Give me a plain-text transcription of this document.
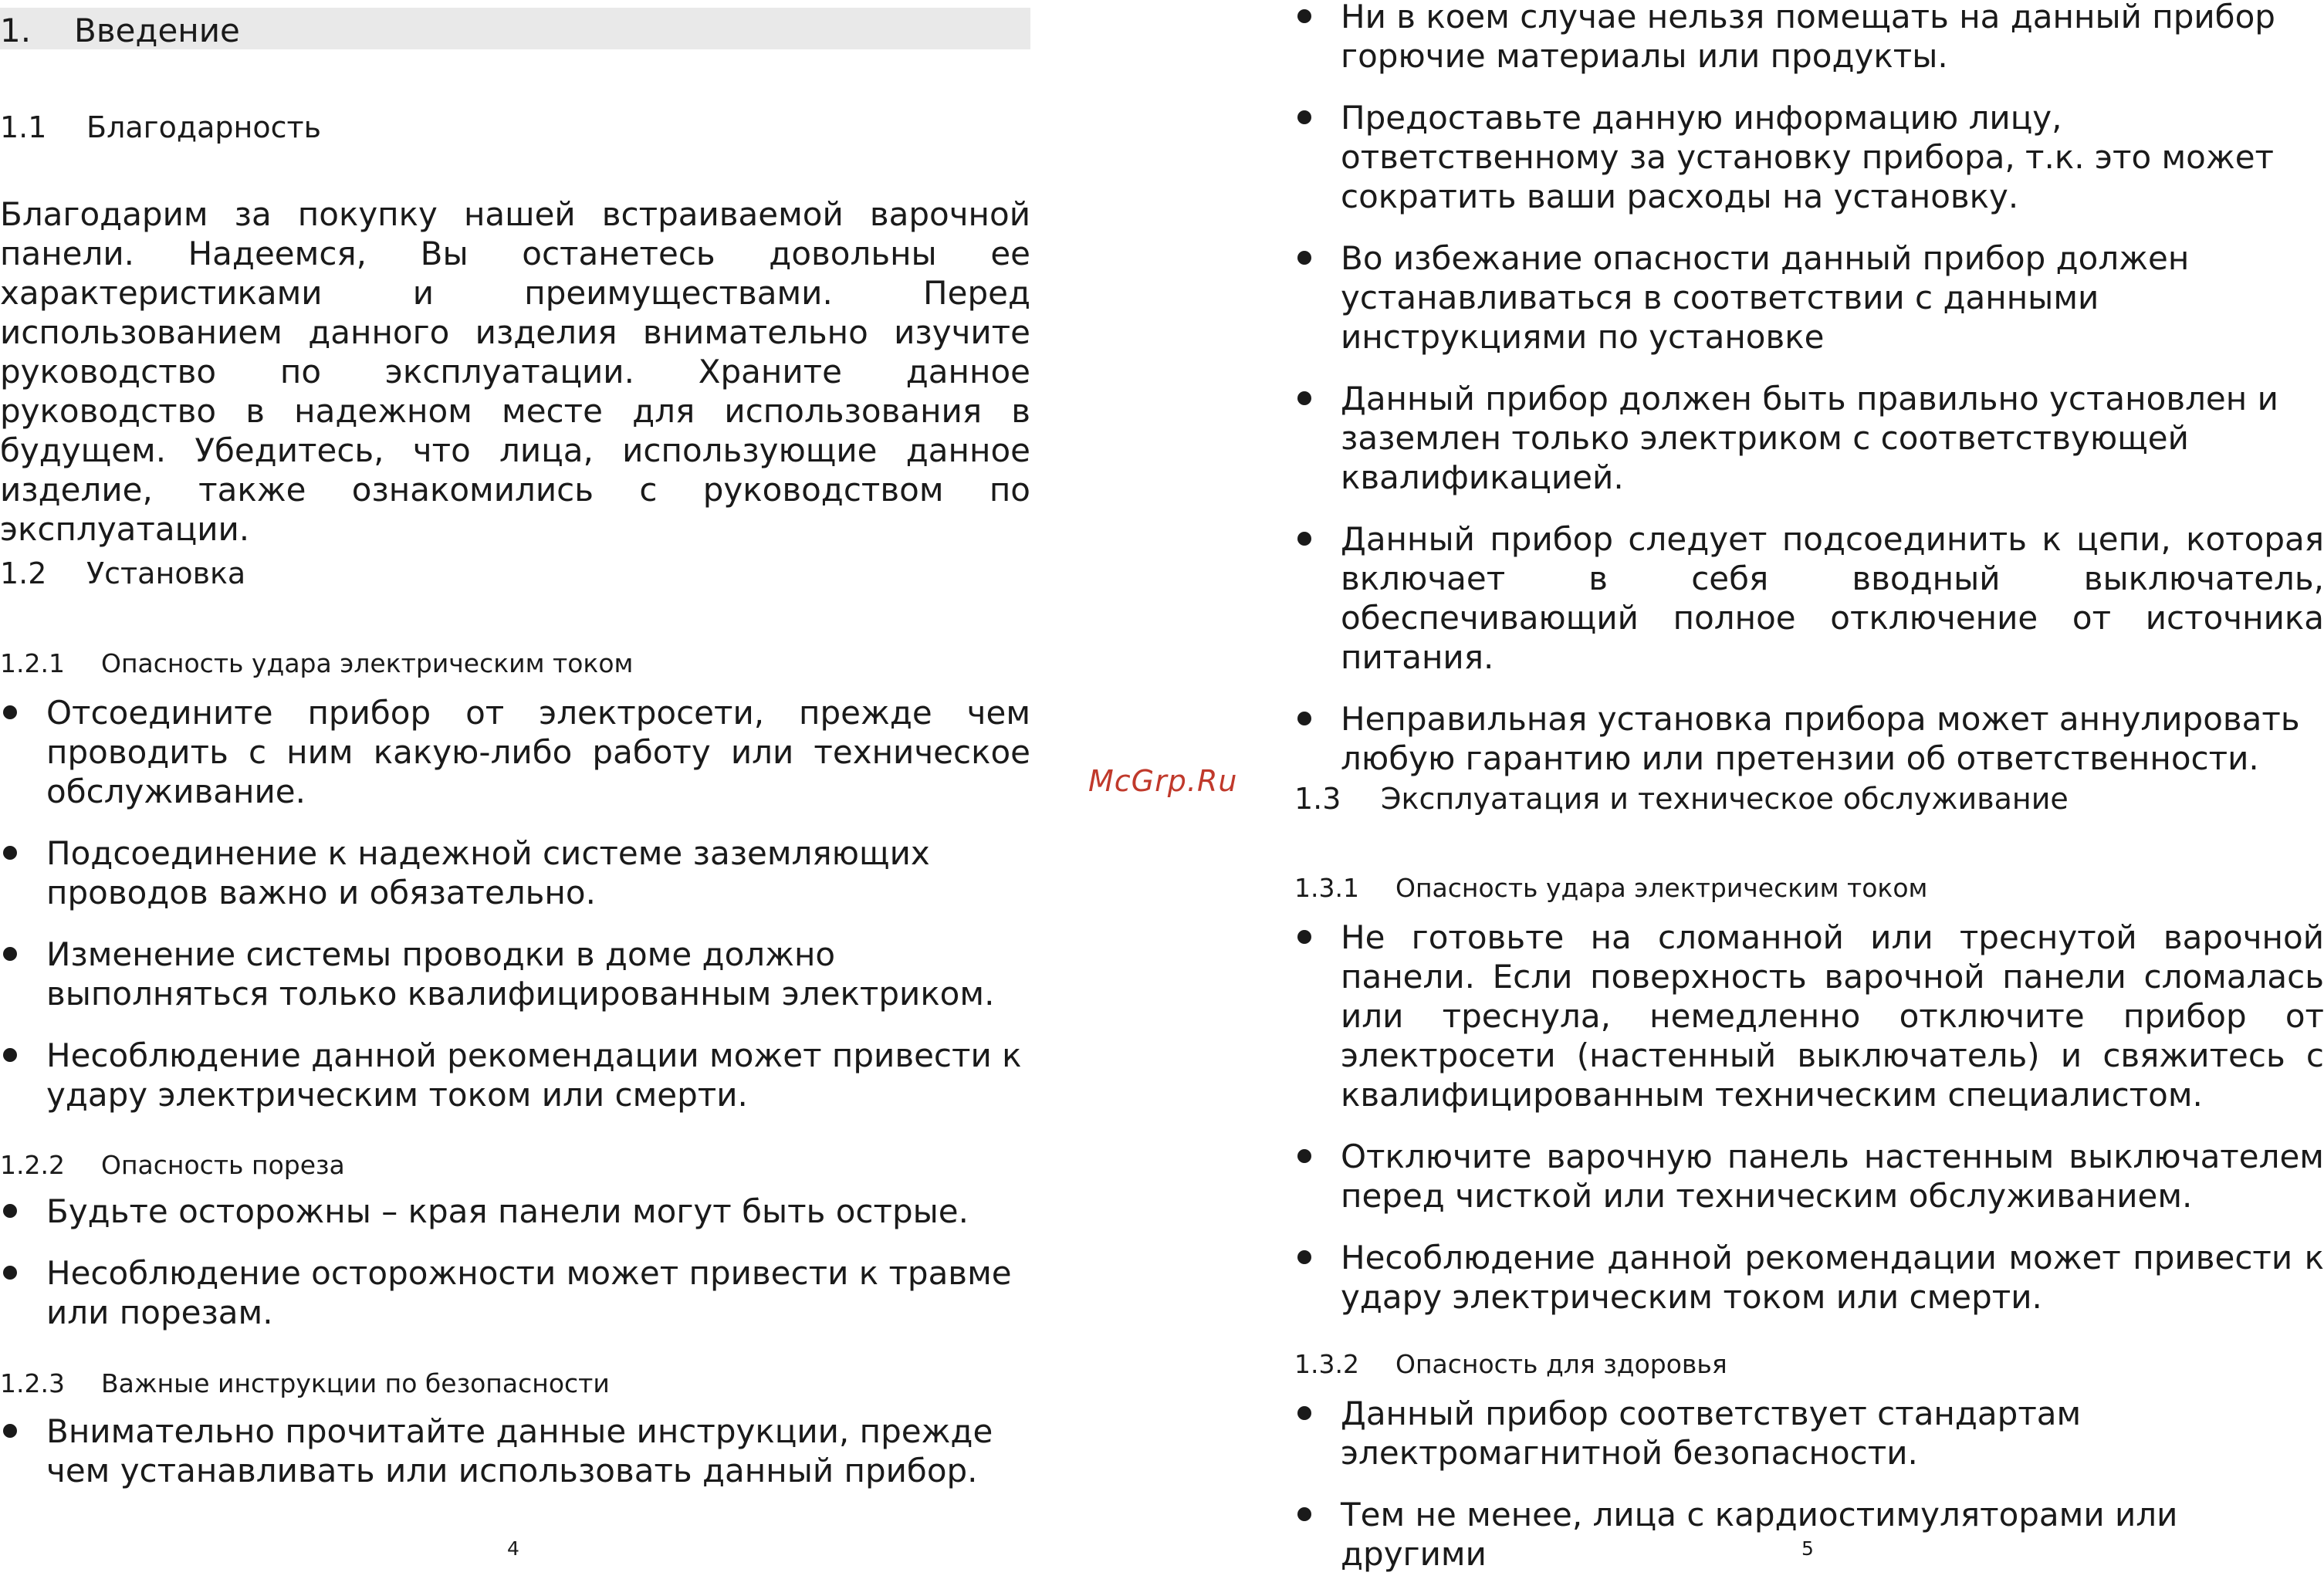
1. Введение
1.1 Благодарность

Благодарим за покупку нашей встраиваемой варочной панели. Надеемся, Вы останетесь довольны ее характеристиками и преимуществами. Перед использованием данного изделия внимательно изучите руководство по эксплуатации. Храните данное руководство в надежном месте для использования в будущем. Убедитесь, что лица, использующие данное изделие, также ознакомились с руководством по эксплуатации.

1.2 Установка
1.2.1 Опасность удара электрическим током
Отсоедините прибор от электросети, прежде чем проводить с ним какую-либо работу или техническое обслуживание.
Подсоединение к надежной системе заземляющих проводов важно и обязательно.
Изменение системы проводки в доме должно выполняться только квалифицированным электриком.
Несоблюдение данной рекомендации может привести к удару электрическим током или смерти.
1.2.2 Опасность пореза
Будьте осторожны – края панели могут быть острые.
Несоблюдение осторожности может привести к травме или порезам.
1.2.3 Важные инструкции по безопасности
Внимательно прочитайте данные инструкции, прежде чем устанавливать или использовать данный прибор.
4
McGrp.Ru
Ни в коем случае нельзя помещать на данный прибор горючие материалы или продукты.
Предоставьте данную информацию лицу, ответственному за установку прибора, т.к. это может сократить ваши расходы на установку.
Во избежание опасности данный прибор должен устанавливаться в соответствии с данными инструкциями по установке
Данный прибор должен быть правильно установлен и заземлен только электриком с соответствующей квалификацией.
Данный прибор следует подсоединить к цепи, которая включает в себя вводный выключатель, обеспечивающий полное отключение от источника питания.
Неправильная установка прибора может аннулировать любую гарантию или претензии об ответственности.
1.3 Эксплуатация и техническое обслуживание
1.3.1 Опасность удара электрическим током
Не готовьте на сломанной или треснутой варочной панели. Если поверхность варочной панели сломалась или треснула, немедленно отключите прибор от электросети (настенный выключатель) и свяжитесь с квалифицированным техническим специалистом.
Отключите варочную панель настенным выключателем перед чисткой или техническим обслуживанием.
Несоблюдение данной рекомендации может привести к удару электрическим током или смерти.
1.3.2 Опасность для здоровья
Данный прибор соответствует стандартам электромагнитной безопасности.
Тем не менее, лица с кардиостимуляторами или другими	5
